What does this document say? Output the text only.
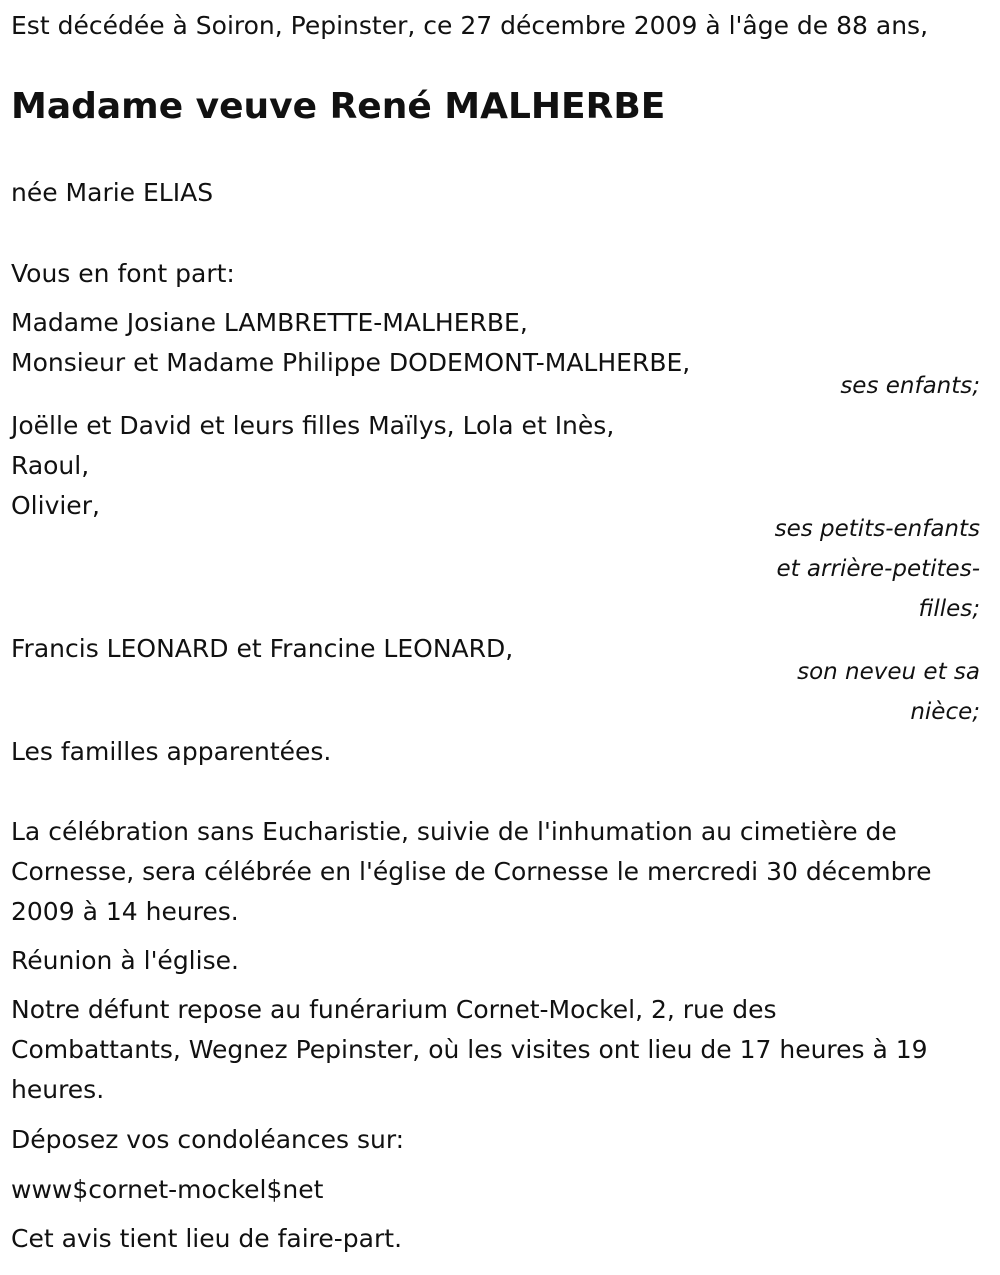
Est décédée à Soiron, Pepinster, ce 27 décembre 2009 à l'âge de 88 ans,
Madame veuve René MALHERBE
née Marie ELIAS
Vous en font part:
Madame Josiane LAMBRETTE-MALHERBE,
Monsieur et Madame Philippe DODEMONT-MALHERBE,
ses enfants;
Joëlle et David et leurs filles Maïlys, Lola et Inès,
Raoul,
Olivier,
ses petits-enfants
et arrière-petites-
filles;
Francis LEONARD et Francine LEONARD,
son neveu et sa
nièce;
Les familles apparentées.
La célébration sans Eucharistie, suivie de l'inhumation au cimetière de
Cornesse, sera célébrée en l'église de Cornesse le mercredi 30 décembre
2009 à 14 heures.
Réunion à l'église.
Notre défunt repose au funérarium Cornet-Mockel, 2, rue des
Combattants, Wegnez Pepinster, où les visites ont lieu de 17 heures à 19
heures.
Déposez vos condoléances sur:
www$cornet-mockel$net
Cet avis tient lieu de faire-part.
